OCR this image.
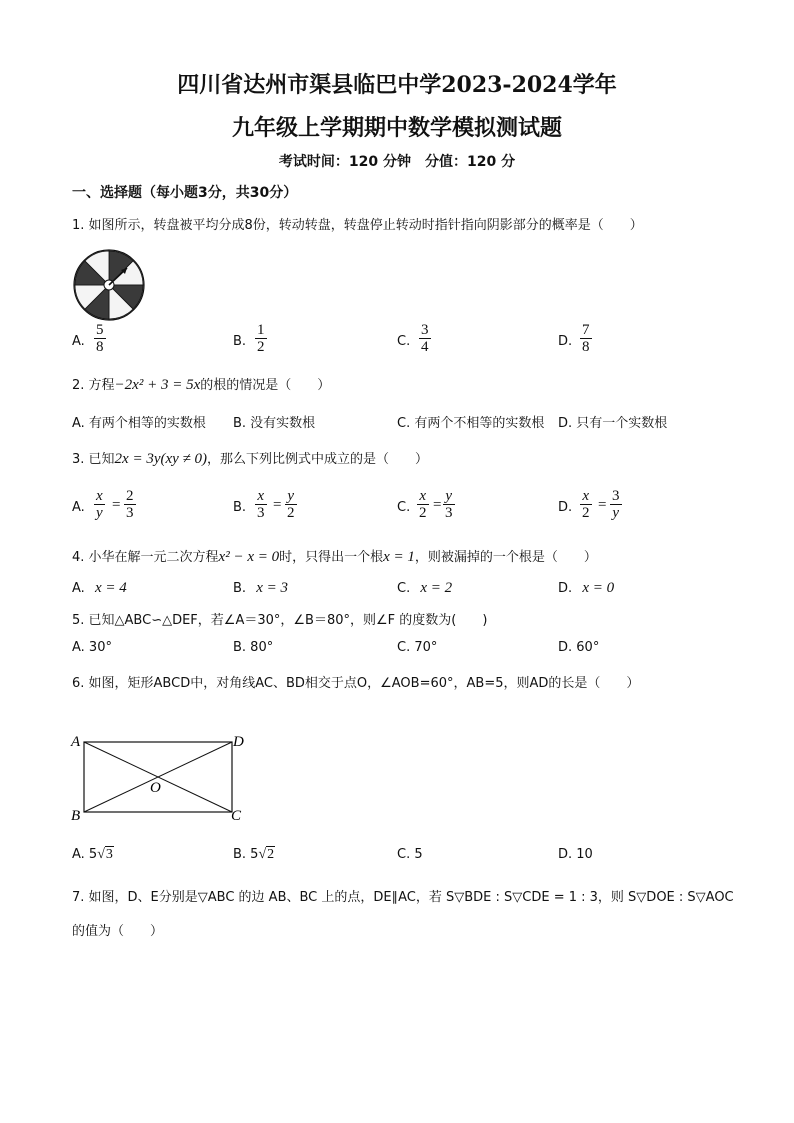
四川省达州市渠县临巴中学2023-2024学年
九年级上学期期中数学模拟测试题
考试时间：120 分钟　分值：120 分
一、选择题（每小题3分，共30分）
1. 如图所示，转盘被平均分成8份，转动转盘，转盘停止转动时指针指向阴影部分的概率是（　　）
A. $\frac{5}{8}$	B. $\frac{1}{2}$	C. $\frac{3}{4}$	D. $\frac{7}{8}$
2. 方程−2x² + 3 = 5x的根的情况是（　　）
A. 有两个相等的实数根 B. 没有实数根	C. 有两个不相等的实数根 D. 只有一个实数根
3. 已知2x = 3y(xy ≠ 0)，那么下列比例式中成立的是（　　）
A. $\frac{x}{y} = \frac{2}{3}$	B. $\frac{x}{3} = \frac{y}{2}$	C. $\frac{x}{2} = \frac{y}{3}$	D. $\frac{x}{2} = \frac{3}{y}$
4. 小华在解一元二次方程x² − x = 0时，只得出一个根x = 1，则被漏掉的一个根是（　　）
A. x = 4	B. x = 3	C. x = 2	D. x = 0
5. 已知△ABC∽△DEF，若∠A＝30°，∠B＝80°，则∠F 的度数为(　　)
A. 30°	B. 80°	C. 70°	D. 60°
6. 如图，矩形ABCD中，对角线AC、BD相交于点O，∠AOB=60°，AB=5，则AD的长是（　　）
A	D
B	C
O
A. 5√3	B. 5√2	C. 5	D. 10
7. 如图，D、E分别是▽ABC 的边 AB、BC 上的点，DE∥AC，若 S▽BDE : S▽CDE = 1 : 3，则 S▽DOE : S▽AOC
的值为（　　）
